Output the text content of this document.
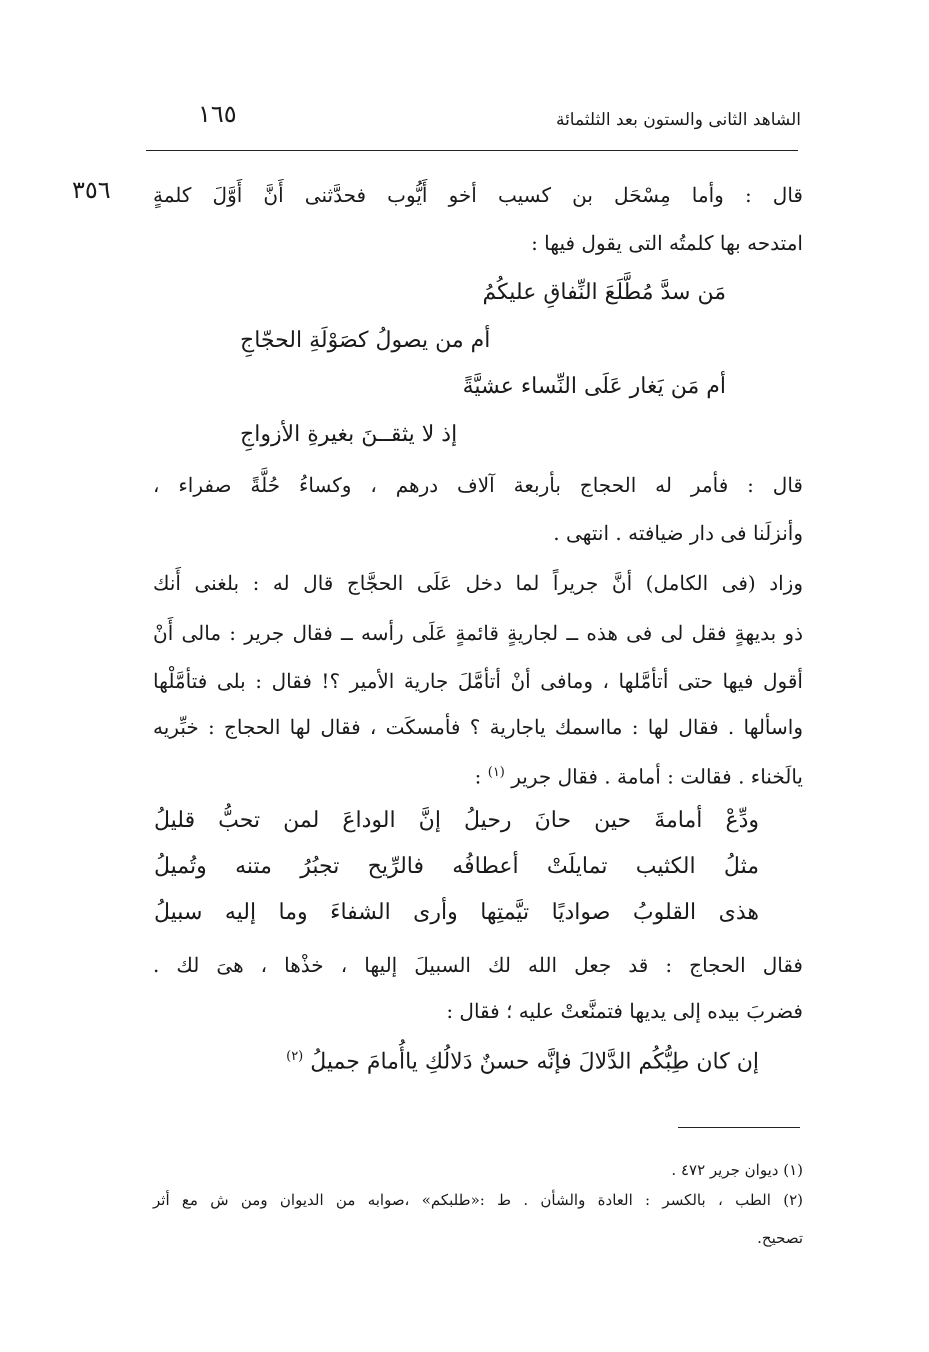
الشاهد الثانى والستون بعد الثلثمائة
١٦٥
٣٥٦ قال : وأما مِسْحَل بن كسيب أخو أَيُّوب فحدَّثنى أَنَّ أَوَّلَ كلمةٍ
امتدحه بها كلمتُه التى يقول فيها :
مَن سدَّ مُطَّلَعَ النِّفاقِ عليكُمُ
أم من يصولُ كصَوْلَةِ الحجّاجِ
أم مَن يَغار عَلَى النِّساء عشيَّةً
إذ لا يثقــنَ بغيرةِ الأزواجِ
قال : فأمر له الحجاج بأربعة آلاف درهم ، وكساءُ حُلَّةً صفراء ،
وأنزلَنا فى دار ضيافته . انتهى .
وزاد (فى الكامل) أنَّ جريراً لما دخل عَلَى الحجَّاج قال له : بلغنى أَنك
ذو بديهةٍ فقل لى فى هذه ــ لجاريةٍ قائمةٍ عَلَى رأسه ــ فقال جرير : مالى أَنْ
أقول فيها حتى أتأمَّلها ، ومافى أنْ أتأمَّلَ جارية الأمير ؟! فقال : بلى فتأمَّلْها
واسألها . فقال لها : مااسمك ياجارية ؟ فأمسكَت ، فقال لها الحجاج : خبِّريه
يالَخناء . فقالت : أمامة . فقال جرير $^{(١)}$ :
ودِّعْ أمامةَ حين حانَ رحيلُ إنَّ الوداعَ لمن تحبُّ قليلُ
مثلُ الكثيب تمايلَتْ أعطافُه فالرِّيح تجبُرُ متنه وتُميلُ
هذى القلوبُ صواديًا تيَّمتِها وأرى الشفاءَ وما إليه سبيلُ
فقال الحجاج : قد جعل الله لك السبيلَ إليها ، خذْها ، هىَ لك .
فضربَ بيده إلى يديها فتمنَّعتْ عليه ؛ فقال :
إن كان طِبُّكُم الدَّلالَ فإنَّه حسنٌ دَلالُكِ ياأُمامَ جميلُ $^{(٢)}$
(١) ديوان جرير ٤٧٢ .
(٢) الطب ، بالكسر : العادة والشأن . ط :«طلبكم» ،صوابه من الديوان ومن ش مع أثر
تصحيح.
